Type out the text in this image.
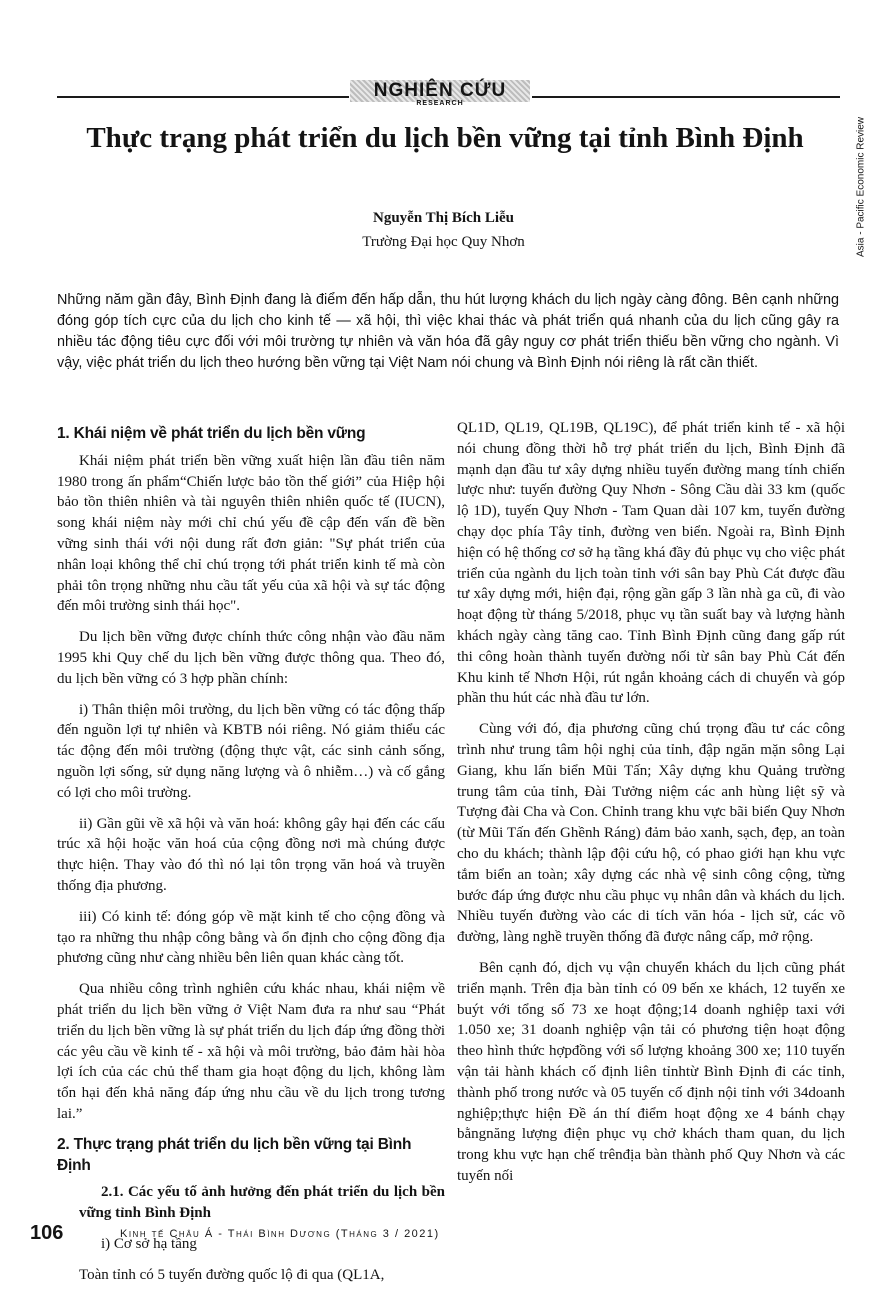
NGHIÊN CỨU
RESEARCH
Asia - Pacific Economic Review
Thực trạng phát triển du lịch bền vững tại tỉnh Bình Định
Nguyễn Thị Bích Liễu
Trường Đại học Quy Nhơn
Những năm gần đây, Bình Định đang là điểm đến hấp dẫn, thu hút lượng khách du lịch ngày càng đông. Bên cạnh những đóng góp tích cực của du lịch cho kinh tế — xã hội, thì việc khai thác và phát triển quá nhanh của du lịch cũng gây ra nhiều tác động tiêu cực đối với môi trường tự nhiên và văn hóa đã gây nguy cơ phát triển thiếu bền vững cho ngành. Vì vậy, việc phát triển du lịch theo hướng bền vững tại Việt Nam nói chung và Bình Định nói riêng là rất cần thiết.
1. Khái niệm về phát triển du lịch bền vững

Khái niệm phát triển bền vững xuất hiện lần đầu tiên năm 1980 trong ấn phẩm“Chiến lược bảo tồn thế giới” của Hiệp hội bảo tồn thiên nhiên và tài nguyên thiên nhiên quốc tế (IUCN), song khái niệm này mới chỉ chú yếu đề cập đến vấn đề bền vững sinh thái với nội dung rất đơn giản: "Sự phát triển của nhân loại không thể chỉ chú trọng tới phát triển kinh tế mà còn phải tôn trọng những nhu cầu tất yếu của xã hội và sự tác động đến môi trường sinh thái học".

Du lịch bền vững được chính thức công nhận vào đầu năm 1995 khi Quy chế du lịch bền vững được thông qua. Theo đó, du lịch bền vững có 3 hợp phần chính:

i) Thân thiện môi trường, du lịch bền vững có tác động thấp đến nguồn lợi tự nhiên và KBTB nói riêng. Nó giảm thiểu các tác động đến môi trường (động thực vật, các sinh cảnh sống, nguồn lợi sống, sử dụng năng lượng và ô nhiễm…) và cố gắng có lợi cho môi trường.

ii) Gần gũi về xã hội và văn hoá: không gây hại đến các cấu trúc xã hội hoặc văn hoá của cộng đồng nơi mà chúng được thực hiện. Thay vào đó thì nó lại tôn trọng văn hoá và truyền thống địa phương.

iii) Có kinh tế: đóng góp về mặt kinh tế cho cộng đồng và tạo ra những thu nhập công bằng và ổn định cho cộng đồng địa phương cũng như càng nhiều bên liên quan khác càng tốt.

Qua nhiều công trình nghiên cứu khác nhau, khái niệm về phát triển du lịch bền vững ở Việt Nam đưa ra như sau “Phát triển du lịch bền vững là sự phát triển du lịch đáp ứng đồng thời các yêu cầu về kinh tế - xã hội và môi trường, bảo đảm hài hòa lợi ích của các chủ thể tham gia hoạt động du lịch, không làm tổn hại đến khả năng đáp ứng nhu cầu về du lịch trong tương lai.”

2. Thực trạng phát triển du lịch bền vững tại Bình Định

2.1. Các yếu tố ảnh hưởng đến phát triển du lịch bền vững tỉnh Bình Định

i) Cơ sở hạ tầng

Toàn tỉnh có 5 tuyến đường quốc lộ đi qua (QL1A,

QL1D, QL19, QL19B, QL19C), để phát triển kinh tế - xã hội nói chung đồng thời hỗ trợ phát triển du lịch, Bình Định đã mạnh dạn đầu tư xây dựng nhiều tuyến đường mang tính chiến lược như: tuyến đường Quy Nhơn - Sông Cầu dài 33 km (quốc lộ 1D), tuyến Quy Nhơn - Tam Quan dài 107 km, tuyến đường chạy dọc phía Tây tỉnh, đường ven biển. Ngoài ra, Bình Định hiện có hệ thống cơ sở hạ tầng khá đầy đủ phục vụ cho việc phát triển của ngành du lịch toàn tỉnh với sân bay Phù Cát được đầu tư xây dựng mới, hiện đại, rộng gần gấp 3 lần nhà ga cũ, đi vào hoạt động từ tháng 5/2018, phục vụ tần suất bay và lượng hành khách ngày càng tăng cao. Tỉnh Bình Định cũng đang gấp rút thi công hoàn thành tuyến đường nối từ sân bay Phù Cát đến Khu kinh tế Nhơn Hội, rút ngắn khoảng cách di chuyển và góp phần thu hút các nhà đầu tư lớn.

Cùng với đó, địa phương cũng chú trọng đầu tư các công trình như trung tâm hội nghị của tỉnh, đập ngăn mặn sông Lại Giang, khu lấn biển Mũi Tấn; Xây dựng khu Quảng trường trung tâm của tỉnh, Đài Tưởng niệm các anh hùng liệt sỹ và Tượng đài Cha và Con. Chỉnh trang khu vực bãi biển Quy Nhơn (từ Mũi Tấn đến Ghềnh Ráng) đảm bảo xanh, sạch, đẹp, an toàn cho du khách; thành lập đội cứu hộ, có phao giới hạn khu vực tắm biển an toàn; xây dựng các nhà vệ sinh công cộng, từng bước đáp ứng được nhu cầu phục vụ nhân dân và khách du lịch. Nhiều tuyến đường vào các di tích văn hóa - lịch sử, các võ đường, làng nghề truyền thống đã được nâng cấp, mở rộng.

Bên cạnh đó, dịch vụ vận chuyển khách du lịch cũng phát triển mạnh. Trên địa bàn tỉnh có 09 bến xe khách, 12 tuyến xe buýt với tổng số 73 xe hoạt động;14 doanh nghiệp taxi với 1.050 xe; 31 doanh nghiệp vận tải có phương tiện hoạt động theo hình thức hợpđồng với số lượng khoảng 300 xe; 110 tuyến vận tải hành khách cố định liên tỉnhtừ Bình Định đi các tỉnh, thành phố trong nước và 05 tuyến cố định nội tỉnh với 34doanh nghiệp;thực hiện Đề án thí điểm hoạt động xe 4 bánh chạy bằngnăng lượng điện phục vụ chở khách tham quan, du lịch trong khu vực hạn chế trênđịa bàn thành phố Quy Nhơn và các tuyến nối

106	Kinh tế Châu Á - Thái Bình Dương (Tháng 3 / 2021)
